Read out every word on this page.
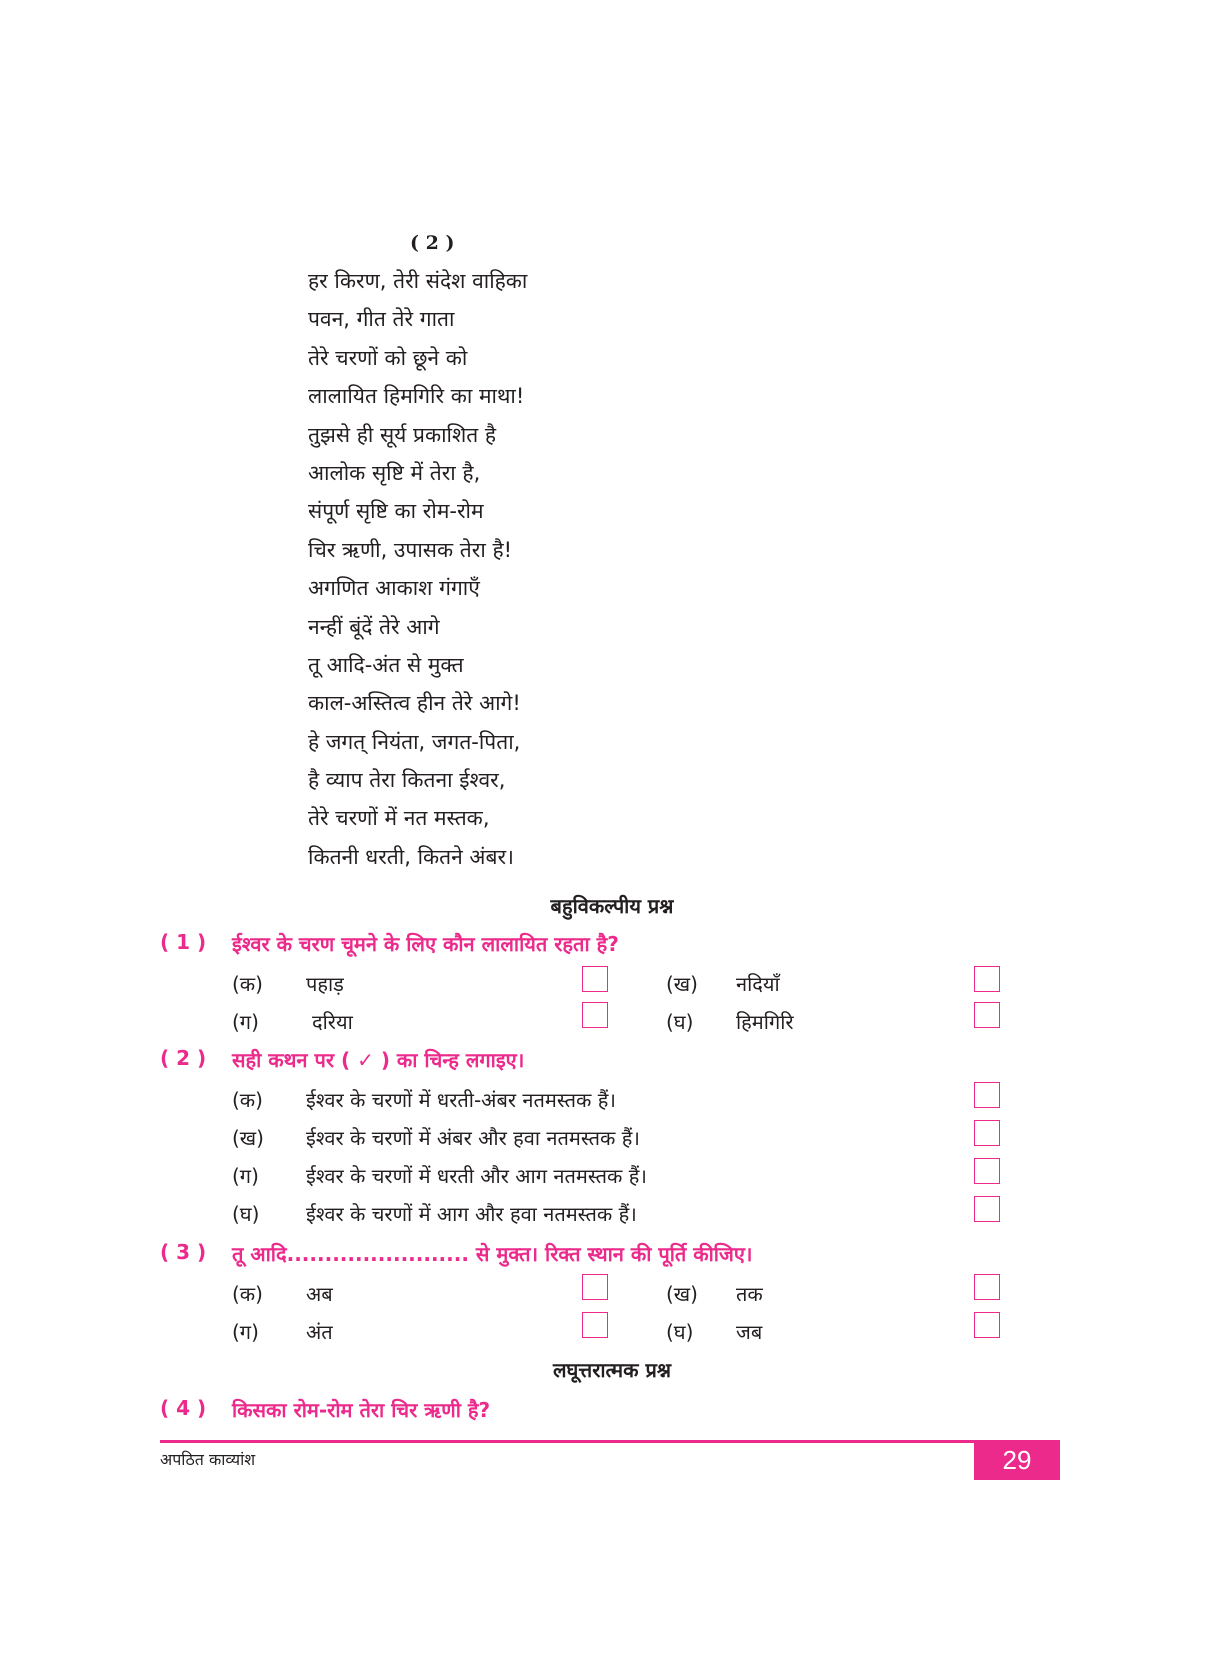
( 2 )
हर किरण, तेरी संदेश वाहिका
पवन, गीत तेरे गाता
तेरे चरणों को छूने को
लालायित हिमगिरि का माथा!
तुझसे ही सूर्य प्रकाशित है
आलोक सृष्टि में तेरा है,
संपूर्ण सृष्टि का रोम-रोम
चिर ऋणी, उपासक तेरा है!
अगणित आकाश गंगाएँ
नन्हीं बूंदें तेरे आगे
तू आदि-अंत से मुक्त
काल-अस्तित्व हीन तेरे आगे!
हे जगत् नियंता, जगत-पिता,
है व्याप तेरा कितना ईश्वर,
तेरे चरणों में नत मस्तक,
कितनी धरती, कितने अंबर।
बहुविकल्पीय प्रश्न
( 1 ) ईश्वर के चरण चूमने के लिए कौन लालायित रहता है?
(क) पहाड़	(ख) नदियाँ
(ग)	दरिया	(घ) हिमगिरि
( 2 ) सही कथन पर ( ✓ ) का चिन्ह लगाइए।
(क) ईश्वर के चरणों में धरती-अंबर नतमस्तक हैं।
(ख) ईश्वर के चरणों में अंबर और हवा नतमस्तक हैं।
(ग) ईश्वर के चरणों में धरती और आग नतमस्तक हैं।
(घ) ईश्वर के चरणों में आग और हवा नतमस्तक हैं।
( 3 ) तू आदि........................ से मुक्त। रिक्त स्थान की पूर्ति कीजिए।
(क) अब	(ख) तक
(ग) अंत	(घ) जब
लघूत्तरात्मक प्रश्न
( 4 ) किसका रोम-रोम तेरा चिर ऋणी है?
अपठित काव्यांश	29
